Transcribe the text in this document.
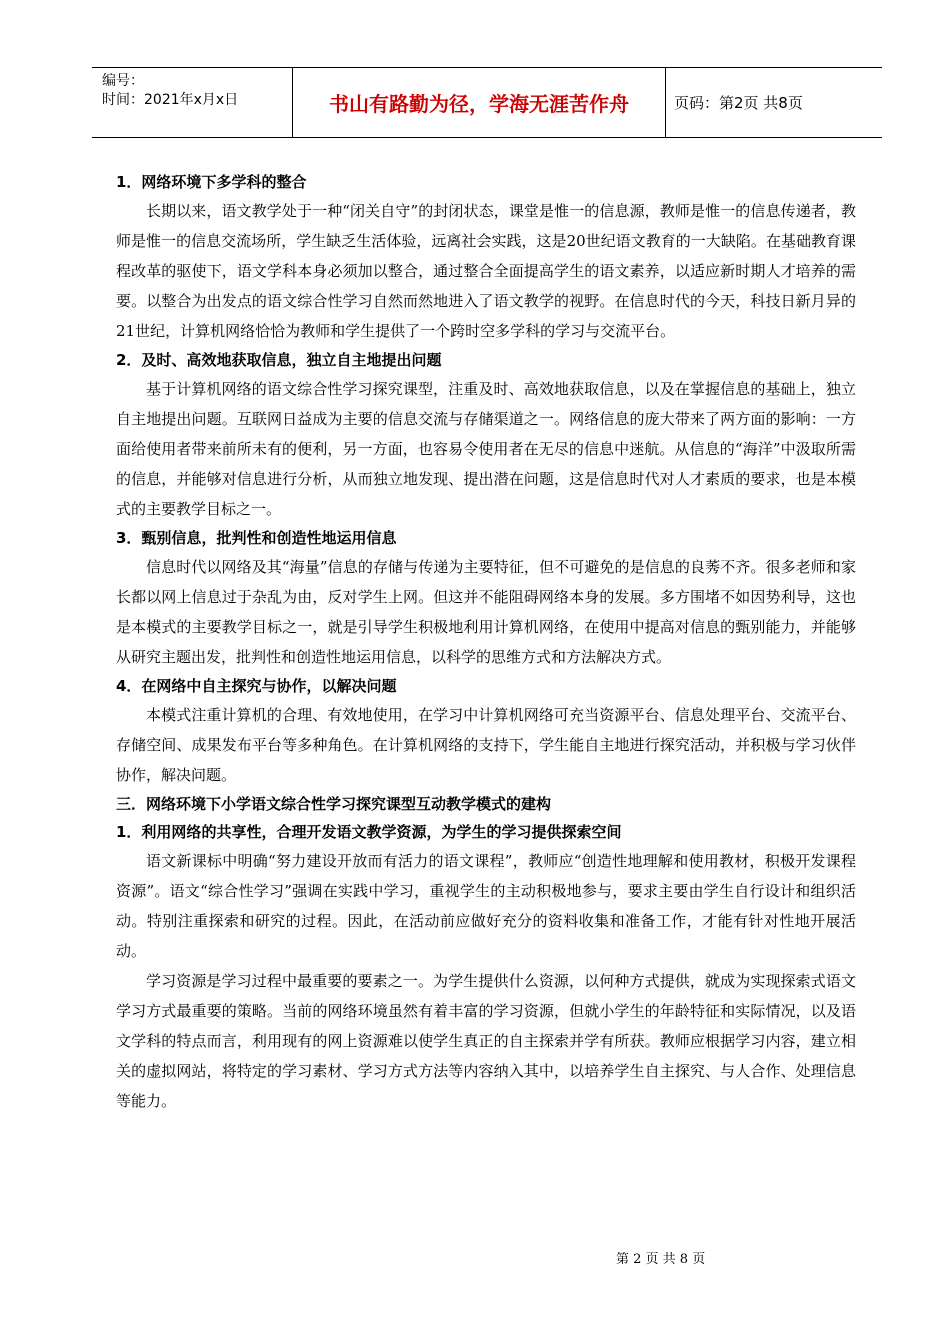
编号：
时间：2021年x月x日	书山有路勤为径，学海无涯苦作舟	页码：第2页 共8页
1．网络环境下多学科的整合
长期以来，语文教学处于一种“闭关自守”的封闭状态，课堂是惟一的信息源，教师是惟一的信息传递者，教师是惟一的信息交流场所，学生缺乏生活体验，远离社会实践，这是20世纪语文教育的一大缺陷。在基础教育课程改革的驱使下，语文学科本身必须加以整合，通过整合全面提高学生的语文素养，以适应新时期人才培养的需要。以整合为出发点的语文综合性学习自然而然地进入了语文教学的视野。在信息时代的今天，科技日新月异的21世纪，计算机网络恰恰为教师和学生提供了一个跨时空多学科的学习与交流平台。
2．及时、高效地获取信息，独立自主地提出问题
基于计算机网络的语文综合性学习探究课型，注重及时、高效地获取信息，以及在掌握信息的基础上，独立自主地提出问题。互联网日益成为主要的信息交流与存储渠道之一。网络信息的庞大带来了两方面的影响：一方面给使用者带来前所未有的便利，另一方面，也容易令使用者在无尽的信息中迷航。从信息的“海洋”中汲取所需的信息，并能够对信息进行分析，从而独立地发现、提出潜在问题，这是信息时代对人才素质的要求，也是本模式的主要教学目标之一。
3．甄别信息，批判性和创造性地运用信息
信息时代以网络及其“海量”信息的存储与传递为主要特征，但不可避免的是信息的良莠不齐。很多老师和家长都以网上信息过于杂乱为由，反对学生上网。但这并不能阻碍网络本身的发展。多方围堵不如因势利导，这也是本模式的主要教学目标之一，就是引导学生积极地利用计算机网络，在使用中提高对信息的甄别能力，并能够从研究主题出发，批判性和创造性地运用信息，以科学的思维方式和方法解决方式。
4．在网络中自主探究与协作，以解决问题
本模式注重计算机的合理、有效地使用，在学习中计算机网络可充当资源平台、信息处理平台、交流平台、存储空间、成果发布平台等多种角色。在计算机网络的支持下，学生能自主地进行探究活动，并积极与学习伙伴协作，解决问题。
三．网络环境下小学语文综合性学习探究课型互动教学模式的建构
1．利用网络的共享性，合理开发语文教学资源，为学生的学习提供探索空间
语文新课标中明确“努力建设开放而有活力的语文课程”，教师应“创造性地理解和使用教材，积极开发课程资源”。语文“综合性学习”强调在实践中学习，重视学生的主动积极地参与，要求主要由学生自行设计和组织活动。特别注重探索和研究的过程。因此，在活动前应做好充分的资料收集和准备工作，才能有针对性地开展活动。
学习资源是学习过程中最重要的要素之一。为学生提供什么资源，以何种方式提供，就成为实现探索式语文学习方式最重要的策略。当前的网络环境虽然有着丰富的学习资源，但就小学生的年龄特征和实际情况，以及语文学科的特点而言，利用现有的网上资源难以使学生真正的自主探索并学有所获。教师应根据学习内容，建立相关的虚拟网站，将特定的学习素材、学习方式方法等内容纳入其中，以培养学生自主探究、与人合作、处理信息等能力。
第 2 页 共 8 页
